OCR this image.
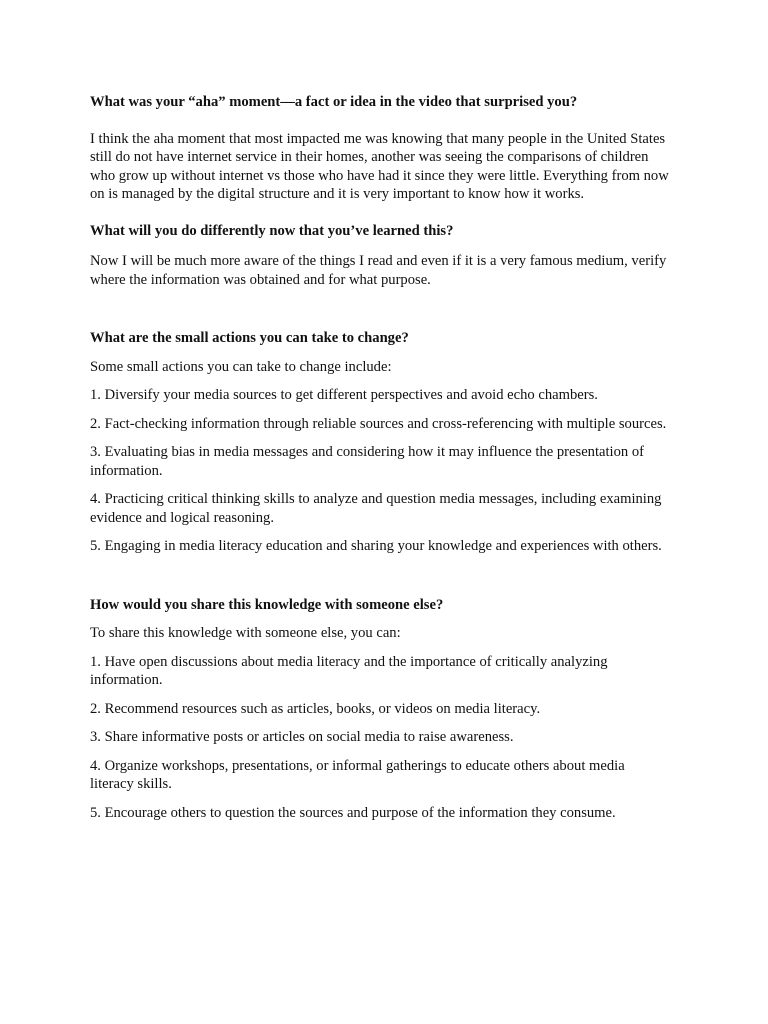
What was your “aha” moment—a fact or idea in the video that surprised you?

I think the aha moment that most impacted me was knowing that many people in the United States still do not have internet service in their homes, another was seeing the comparisons of children who grow up without internet vs those who have had it since they were little. Everything from now on is managed by the digital structure and it is very important to know how it works.

What will you do differently now that you’ve learned this?

Now I will be much more aware of the things I read and even if it is a very famous medium, verify where the information was obtained and for what purpose.

What are the small actions you can take to change?

Some small actions you can take to change include:

1. Diversify your media sources to get different perspectives and avoid echo chambers.

2. Fact-checking information through reliable sources and cross-referencing with multiple sources.

3. Evaluating bias in media messages and considering how it may influence the presentation of information.

4. Practicing critical thinking skills to analyze and question media messages, including examining evidence and logical reasoning.

5. Engaging in media literacy education and sharing your knowledge and experiences with others.

How would you share this knowledge with someone else?

To share this knowledge with someone else, you can:

1. Have open discussions about media literacy and the importance of critically analyzing information.

2. Recommend resources such as articles, books, or videos on media literacy.

3. Share informative posts or articles on social media to raise awareness.

4. Organize workshops, presentations, or informal gatherings to educate others about media literacy skills.

5. Encourage others to question the sources and purpose of the information they consume.
